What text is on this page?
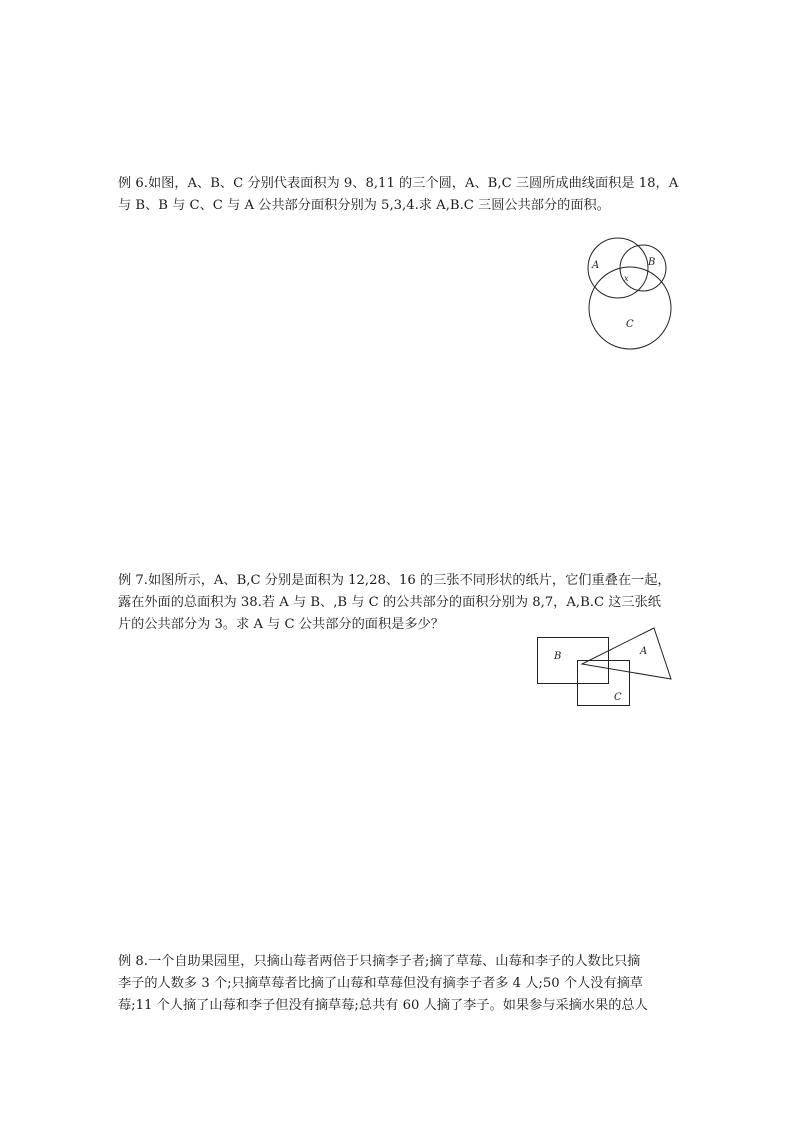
例 6.如图，A、B、C 分别代表面积为 9、8,11 的三个圆，A、B,C 三圆所成曲线面积是 18，A
与 B、B 与 C、C 与 A 公共部分面积分别为 5,3,4.求 A,B.C 三圆公共部分的面积。
A	B
x
C
例 7.如图所示，A、B,C 分别是面积为 12,28、16 的三张不同形状的纸片，它们重叠在一起，
露在外面的总面积为 38.若 A 与 B、,B 与 C 的公共部分的面积分别为 8,7，A,B.C 这三张纸
片的公共部分为 3。求 A 与 C 公共部分的面积是多少？
B	A
C
例 8.一个自助果园里，只摘山莓者两倍于只摘李子者;摘了草莓、山莓和李子的人数比只摘
李子的人数多 3 个;只摘草莓者比摘了山莓和草莓但没有摘李子者多 4 人;50 个人没有摘草
莓;11 个人摘了山莓和李子但没有摘草莓;总共有 60 人摘了李子。如果参与采摘水果的总人
